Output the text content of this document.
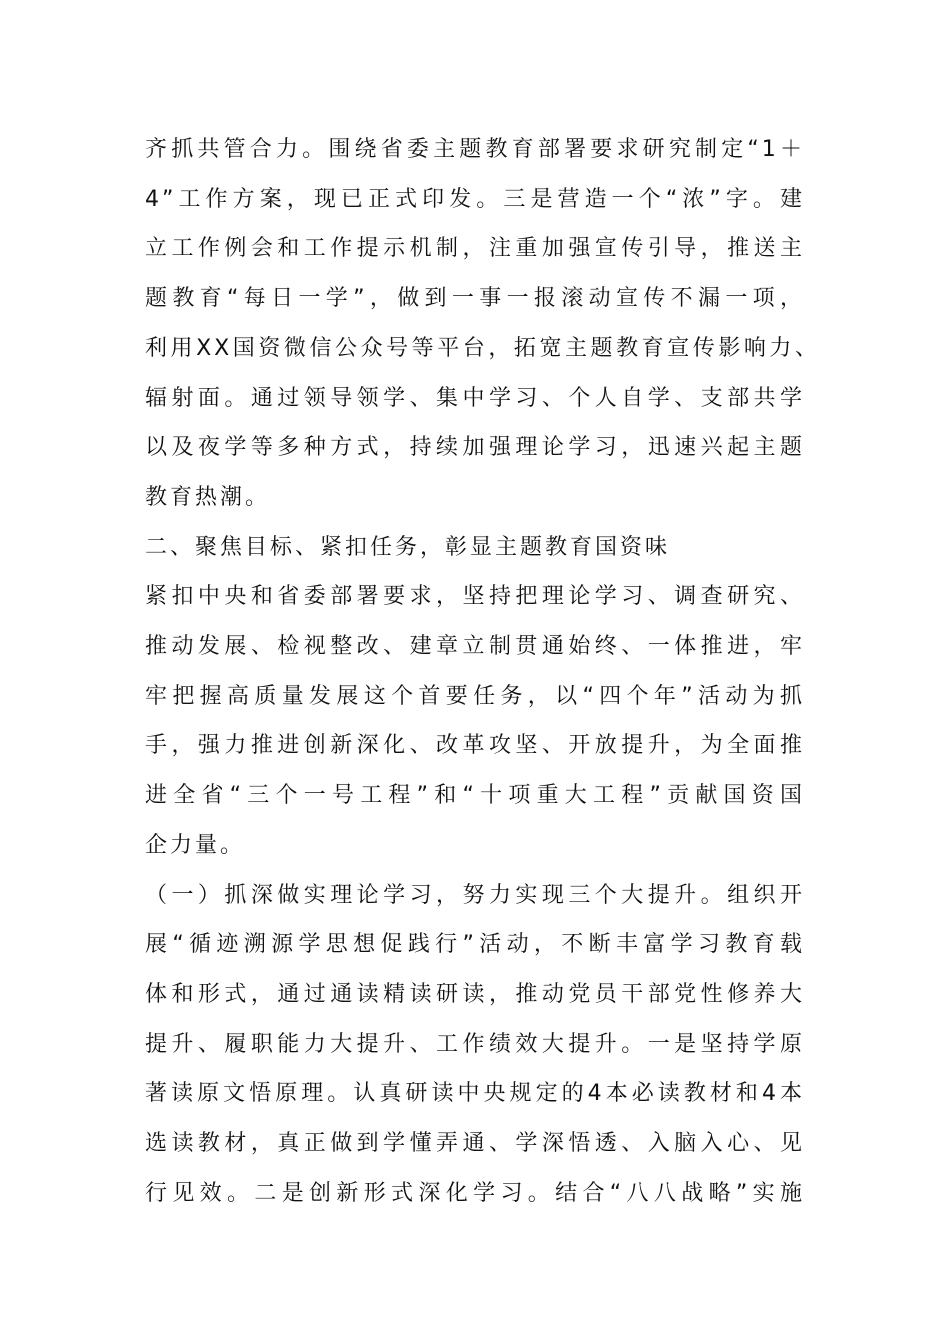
齐抓共管合力。围绕省委主题教育部署要求研究制定“1＋
4”工作方案，现已正式印发。三是营造一个“浓”字。建
立工作例会和工作提示机制，注重加强宣传引导，推送主
题教育“每日一学”，做到一事一报滚动宣传不漏一项，
利用XX国资微信公众号等平台，拓宽主题教育宣传影响力、
辐射面。通过领导领学、集中学习、个人自学、支部共学
以及夜学等多种方式，持续加强理论学习，迅速兴起主题
教育热潮。
二、聚焦目标、紧扣任务，彰显主题教育国资味
紧扣中央和省委部署要求，坚持把理论学习、调查研究、
推动发展、检视整改、建章立制贯通始终、一体推进，牢
牢把握高质量发展这个首要任务，以“四个年”活动为抓
手，强力推进创新深化、改革攻坚、开放提升，为全面推
进全省“三个一号工程”和“十项重大工程”贡献国资国
企力量。
（一）抓深做实理论学习，努力实现三个大提升。组织开
展“循迹溯源学思想促践行”活动，不断丰富学习教育载
体和形式，通过通读精读研读，推动党员干部党性修养大
提升、履职能力大提升、工作绩效大提升。一是坚持学原
著读原文悟原理。认真研读中央规定的4本必读教材和4本
选读教材，真正做到学懂弄通、学深悟透、入脑入心、见
行见效。二是创新形式深化学习。结合“八八战略”实施
